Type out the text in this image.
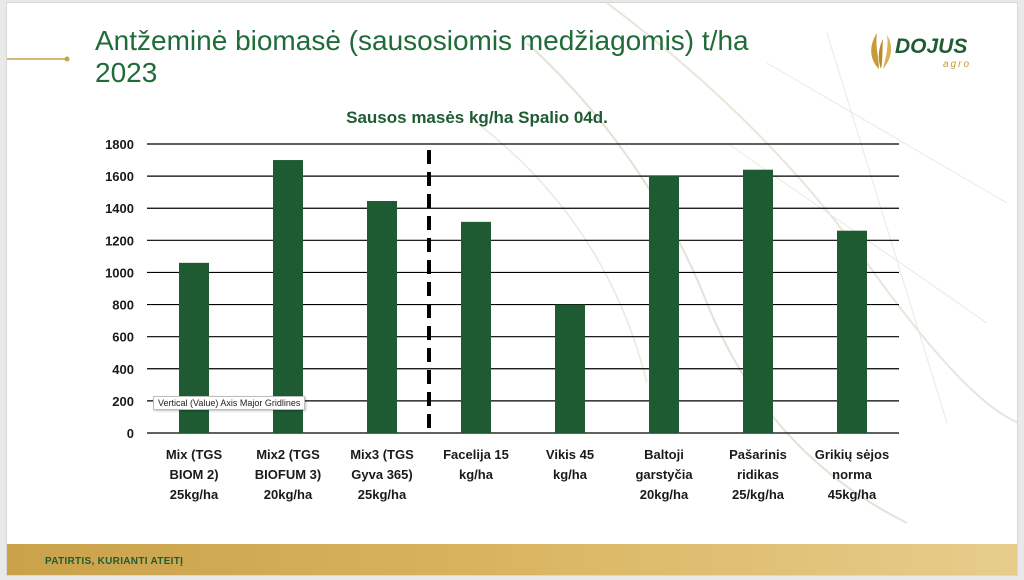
Antžeminė biomasė (sausosiomis medžiagomis) t/ha
2023
DOJUS
agro
Sausos masės kg/ha Spalio 04d.
0
200
400
600
800
1000
1200
1400
1600
1800
Mix (TGS BIOM 2) 25kg/ha
Mix2 (TGS BIOFUM 3) 20kg/ha
Mix3 (TGS Gyva 365) 25kg/ha
Facelija 15 kg/ha
Vikis 45 kg/ha
Baltoji garstyčia 20kg/ha
Pašarinis ridikas 25/kg/ha
Grikių sėjos norma 45kg/ha
Vertical (Value) Axis Major Gridlines
PATIRTIS, KURIANTI ATEITĮ
